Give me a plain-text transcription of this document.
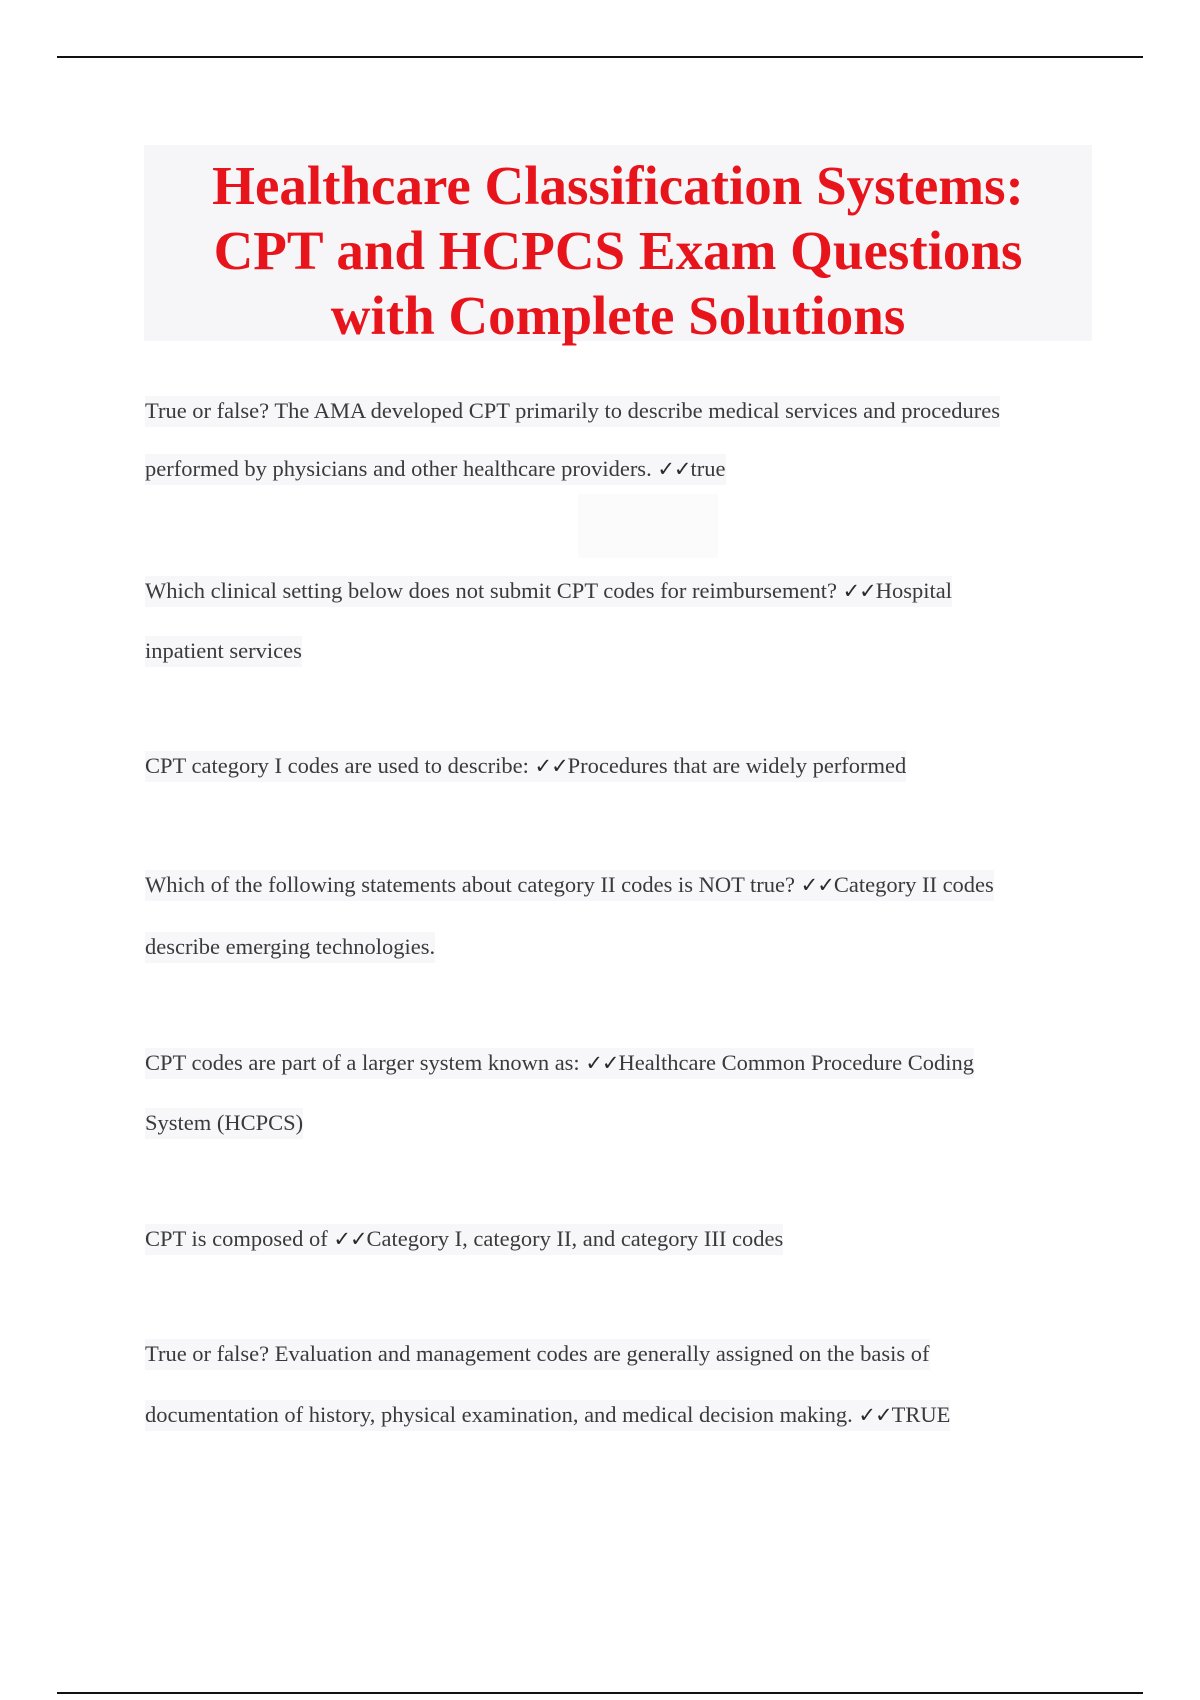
Healthcare Classification Systems:
CPT and HCPCS Exam Questions
with Complete Solutions
True or false? The AMA developed CPT primarily to describe medical services and procedures
performed by physicians and other healthcare providers. ✓✓true
Which clinical setting below does not submit CPT codes for reimbursement? ✓✓Hospital
inpatient services
CPT category I codes are used to describe: ✓✓Procedures that are widely performed
Which of the following statements about category II codes is NOT true? ✓✓Category II codes
describe emerging technologies.
CPT codes are part of a larger system known as: ✓✓Healthcare Common Procedure Coding
System (HCPCS)
CPT is composed of ✓✓Category I, category II, and category III codes
True or false? Evaluation and management codes are generally assigned on the basis of
documentation of history, physical examination, and medical decision making. ✓✓TRUE
